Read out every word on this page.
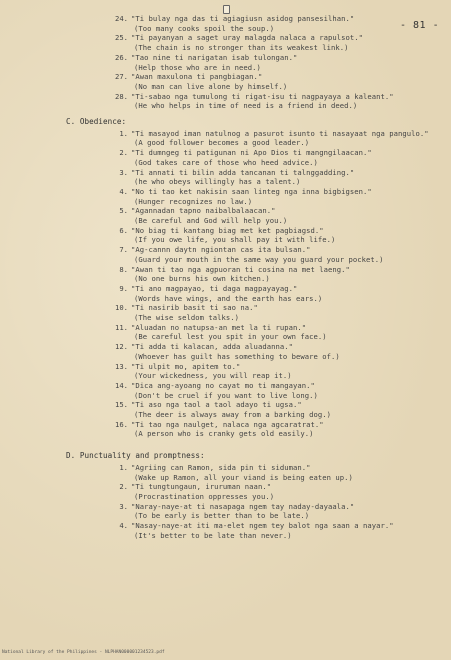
- 81 -
24. "Ti bulay nga das ti agiagiusn asidog pansesilhan."
(Too many cooks spoil the soup.)
25. "Ti payanyan a saget uray malagda nalaca a rapulsot."
(The chain is no stronger than its weakest link.)
26. "Tao nine ti narigatan isab tulongan."
(Help those who are in need.)
27. "Awan maxulona ti pangbiagan."
(No man can live alone by himself.)
28. "Ti-sabao nga tumulong ti rigat-isu ti nagpayaya a kaleant."
(He who helps in time of need is a friend in deed.)
C. Obedience:
1. "Ti masayod iman natulnog a pasurot isunto ti nasayaat nga pangulo."
(A good follower becomes a good leader.)
2. "Ti dumngeg ti patigunan ni Apo Dios ti mangngilaacan."
(God takes care of those who heed advice.)
3. "Ti annati ti bilin adda tancanan ti talnggadding."
(he who obeys willingly has a talent.)
4. "No ti tao ket nakisin saan linteg nga inna bigbigsen."
(Hunger recognizes no law.)
5. "Agannadan tapno naibalbalaacan."
(Be careful and God will help you.)
6. "No biag ti kantang biag met ket pagbiagsd."
(If you owe life, you shall pay it with life.)
7. "Ag-cannn daytn ngiontan cas ita bulsan."
(Guard your mouth in the same way you guard your pocket.)
8. "Awan ti tao nga agpuoran ti cosina na met laeng."
(No one burns his own kitchen.)
9. "Ti ano magpayao, ti daga magpayayag."
(Words have wings, and the earth has ears.)
10. "Ti nasirib basit ti sao na."
(The wise seldom talks.)
11. "Aluadan no natupsa-an met la ti rupan."
(Be careful lest you spit in your own face.)
12. "Ti adda ti kalacan, adda aluadanna."
(Whoever has guilt has something to beware of.)
13. "Ti ulpit mo, apitem to."
(Your wickedness, you will reap it.)
14. "Dica ang-ayoang no cayat mo ti mangayan."
(Don't be cruel if you want to live long.)
15. "Ti aso nga taol a taol adayo ti ugsa."
(The deer is always away from a barking dog.)
16. "Ti tao nga naulget, nalaca nga agcaratrat."
(A person who is cranky gets old easily.)
D. Punctuality and promptness:
1. "Agriing can Ramon, sida pin ti siduman."
(Wake up Ramon, all your viand is being eaten up.)
2. "Ti tungtungaun, iruruman naan."
(Procrastination oppresses you.)
3. "Naray-naye-at ti nasapaga ngem tay naday-dayaala."
(To be early is better than to be late.)
4. "Nasay-naye-at iti ma-elet ngem tey balot nga saan a nayar."
(It's better to be late than never.)
National Library of the Philippines - NLPHAN000001234523.pdf
